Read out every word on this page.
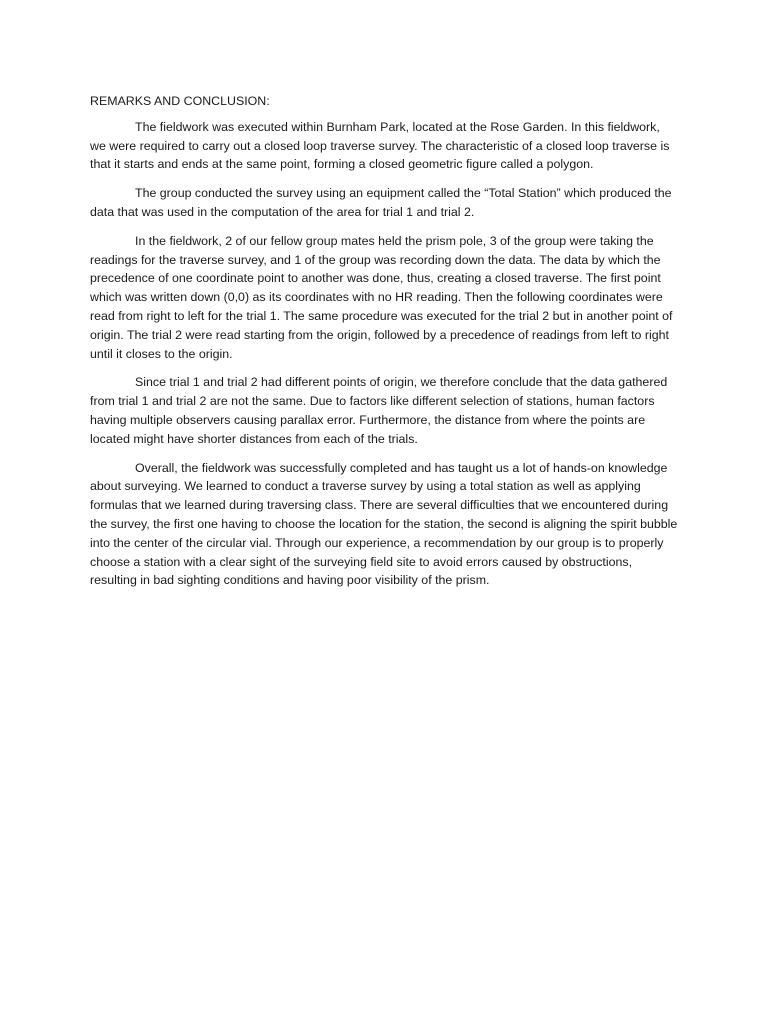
REMARKS AND CONCLUSION:

The fieldwork was executed within Burnham Park, located at the Rose Garden. In this fieldwork, we were required to carry out a closed loop traverse survey. The characteristic of a closed loop traverse is that it starts and ends at the same point, forming a closed geometric figure called a polygon.

The group conducted the survey using an equipment called the “Total Station” which produced the data that was used in the computation of the area for trial 1 and trial 2.

In the fieldwork, 2 of our fellow group mates held the prism pole, 3 of the group were taking the readings for the traverse survey, and 1 of the group was recording down the data. The data by which the precedence of one coordinate point to another was done, thus, creating a closed traverse. The first point which was written down (0,0) as its coordinates with no HR reading. Then the following coordinates were read from right to left for the trial 1. The same procedure was executed for the trial 2 but in another point of origin. The trial 2 were read starting from the origin, followed by a precedence of readings from left to right until it closes to the origin.

Since trial 1 and trial 2 had different points of origin, we therefore conclude that the data gathered from trial 1 and trial 2 are not the same. Due to factors like different selection of stations, human factors having multiple observers causing parallax error. Furthermore, the distance from where the points are located might have shorter distances from each of the trials.

Overall, the fieldwork was successfully completed and has taught us a lot of hands-on knowledge about surveying. We learned to conduct a traverse survey by using a total station as well as applying formulas that we learned during traversing class. There are several difficulties that we encountered during the survey, the first one having to choose the location for the station, the second is aligning the spirit bubble into the center of the circular vial. Through our experience, a recommendation by our group is to properly choose a station with a clear sight of the surveying field site to avoid errors caused by obstructions, resulting in bad sighting conditions and having poor visibility of the prism.
